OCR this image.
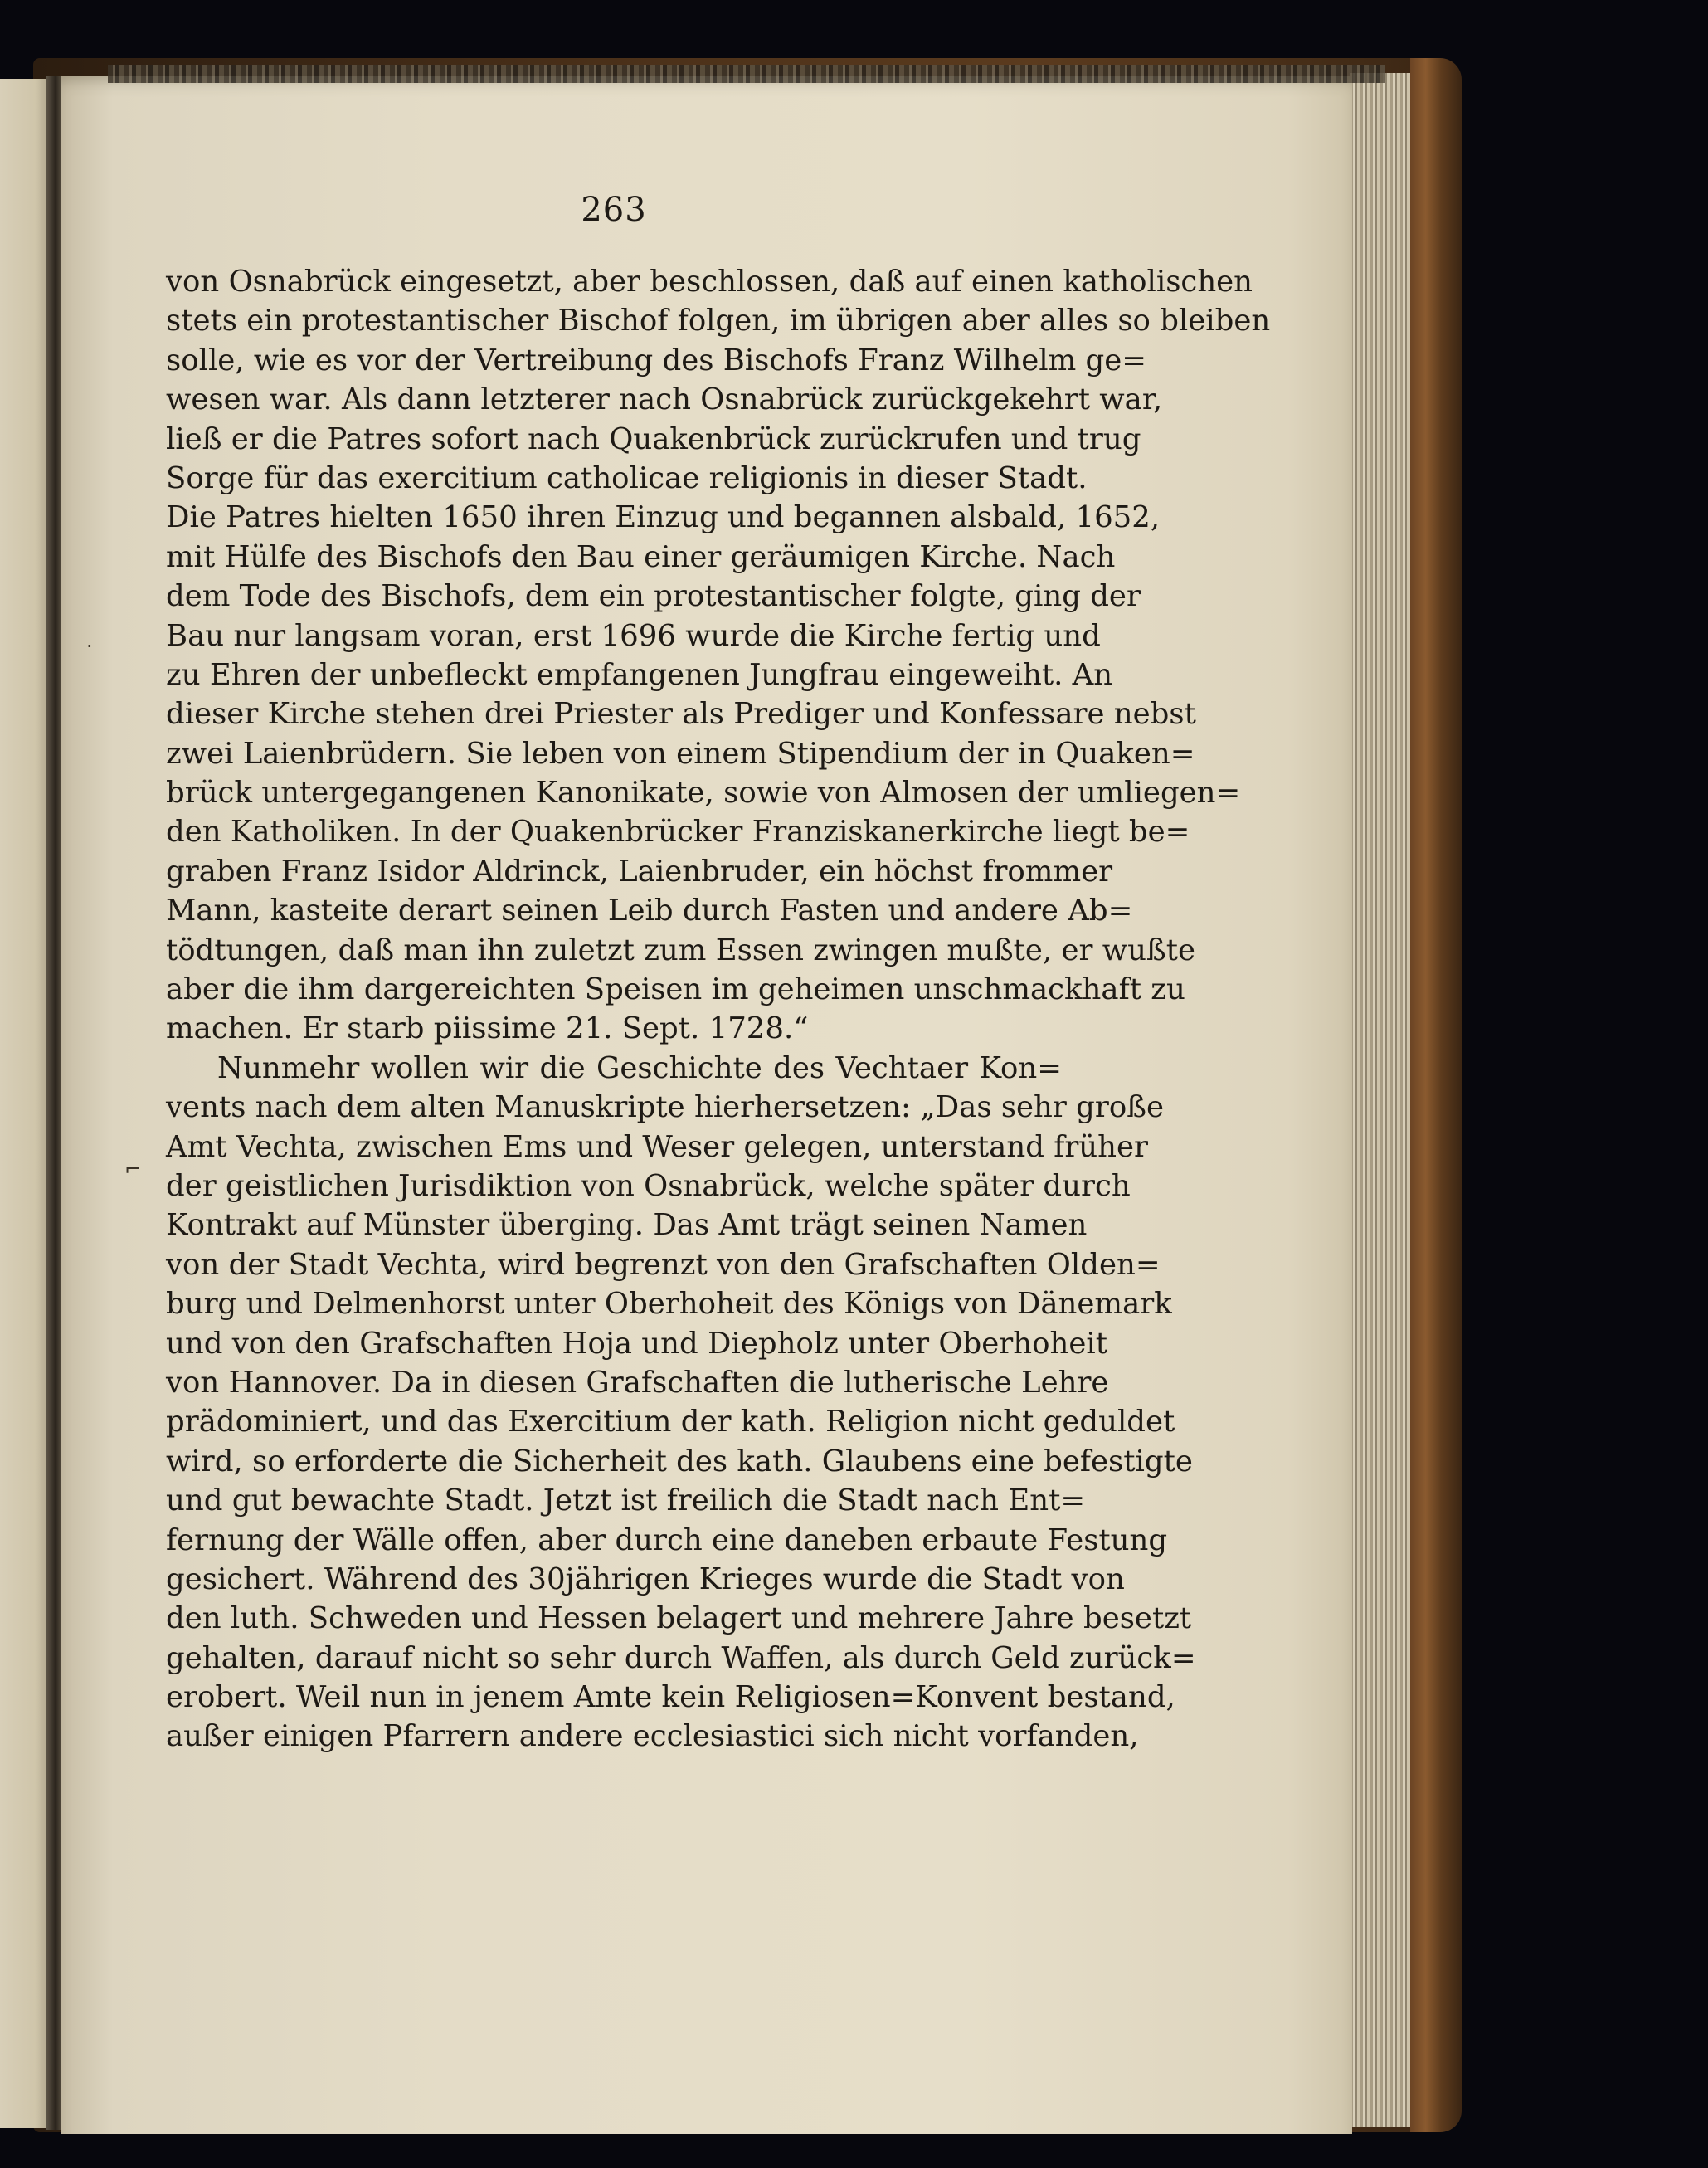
·
⌐
263
von Osnabrück eingesetzt, aber beschlossen, daß auf einen katholischen
stets ein protestantischer Bischof folgen, im übrigen aber alles so bleiben
solle, wie es vor der Vertreibung des Bischofs Franz Wilhelm ge=
wesen war. Als dann letzterer nach Osnabrück zurückgekehrt war,
ließ er die Patres sofort nach Quakenbrück zurückrufen und trug
Sorge für das exercitium catholicae religionis in dieser Stadt.
Die Patres hielten 1650 ihren Einzug und begannen alsbald, 1652,
mit Hülfe des Bischofs den Bau einer geräumigen Kirche. Nach
dem Tode des Bischofs, dem ein protestantischer folgte, ging der
Bau nur langsam voran, erst 1696 wurde die Kirche fertig und
zu Ehren der unbefleckt empfangenen Jungfrau eingeweiht. An
dieser Kirche stehen drei Priester als Prediger und Konfessare nebst
zwei Laienbrüdern. Sie leben von einem Stipendium der in Quaken=
brück untergegangenen Kanonikate, sowie von Almosen der umliegen=
den Katholiken. In der Quakenbrücker Franziskanerkirche liegt be=
graben Franz Isidor Aldrinck, Laienbruder, ein höchst frommer
Mann, kasteite derart seinen Leib durch Fasten und andere Ab=
tödtungen, daß man ihn zuletzt zum Essen zwingen mußte, er wußte
aber die ihm dargereichten Speisen im geheimen unschmackhaft zu
machen. Er starb piissime 21. Sept. 1728.“
Nunmehr wollen wir die Geschichte des Vechtaer Kon=
vents nach dem alten Manuskripte hierhersetzen: „Das sehr große
Amt Vechta, zwischen Ems und Weser gelegen, unterstand früher
der geistlichen Jurisdiktion von Osnabrück, welche später durch
Kontrakt auf Münster überging. Das Amt trägt seinen Namen
von der Stadt Vechta, wird begrenzt von den Grafschaften Olden=
burg und Delmenhorst unter Oberhoheit des Königs von Dänemark
und von den Grafschaften Hoja und Diepholz unter Oberhoheit
von Hannover. Da in diesen Grafschaften die lutherische Lehre
prädominiert, und das Exercitium der kath. Religion nicht geduldet
wird, so erforderte die Sicherheit des kath. Glaubens eine befestigte
und gut bewachte Stadt. Jetzt ist freilich die Stadt nach Ent=
fernung der Wälle offen, aber durch eine daneben erbaute Festung
gesichert. Während des 30jährigen Krieges wurde die Stadt von
den luth. Schweden und Hessen belagert und mehrere Jahre besetzt
gehalten, darauf nicht so sehr durch Waffen, als durch Geld zurück=
erobert. Weil nun in jenem Amte kein Religiosen=Konvent bestand,
außer einigen Pfarrern andere ecclesiastici sich nicht vorfanden,
